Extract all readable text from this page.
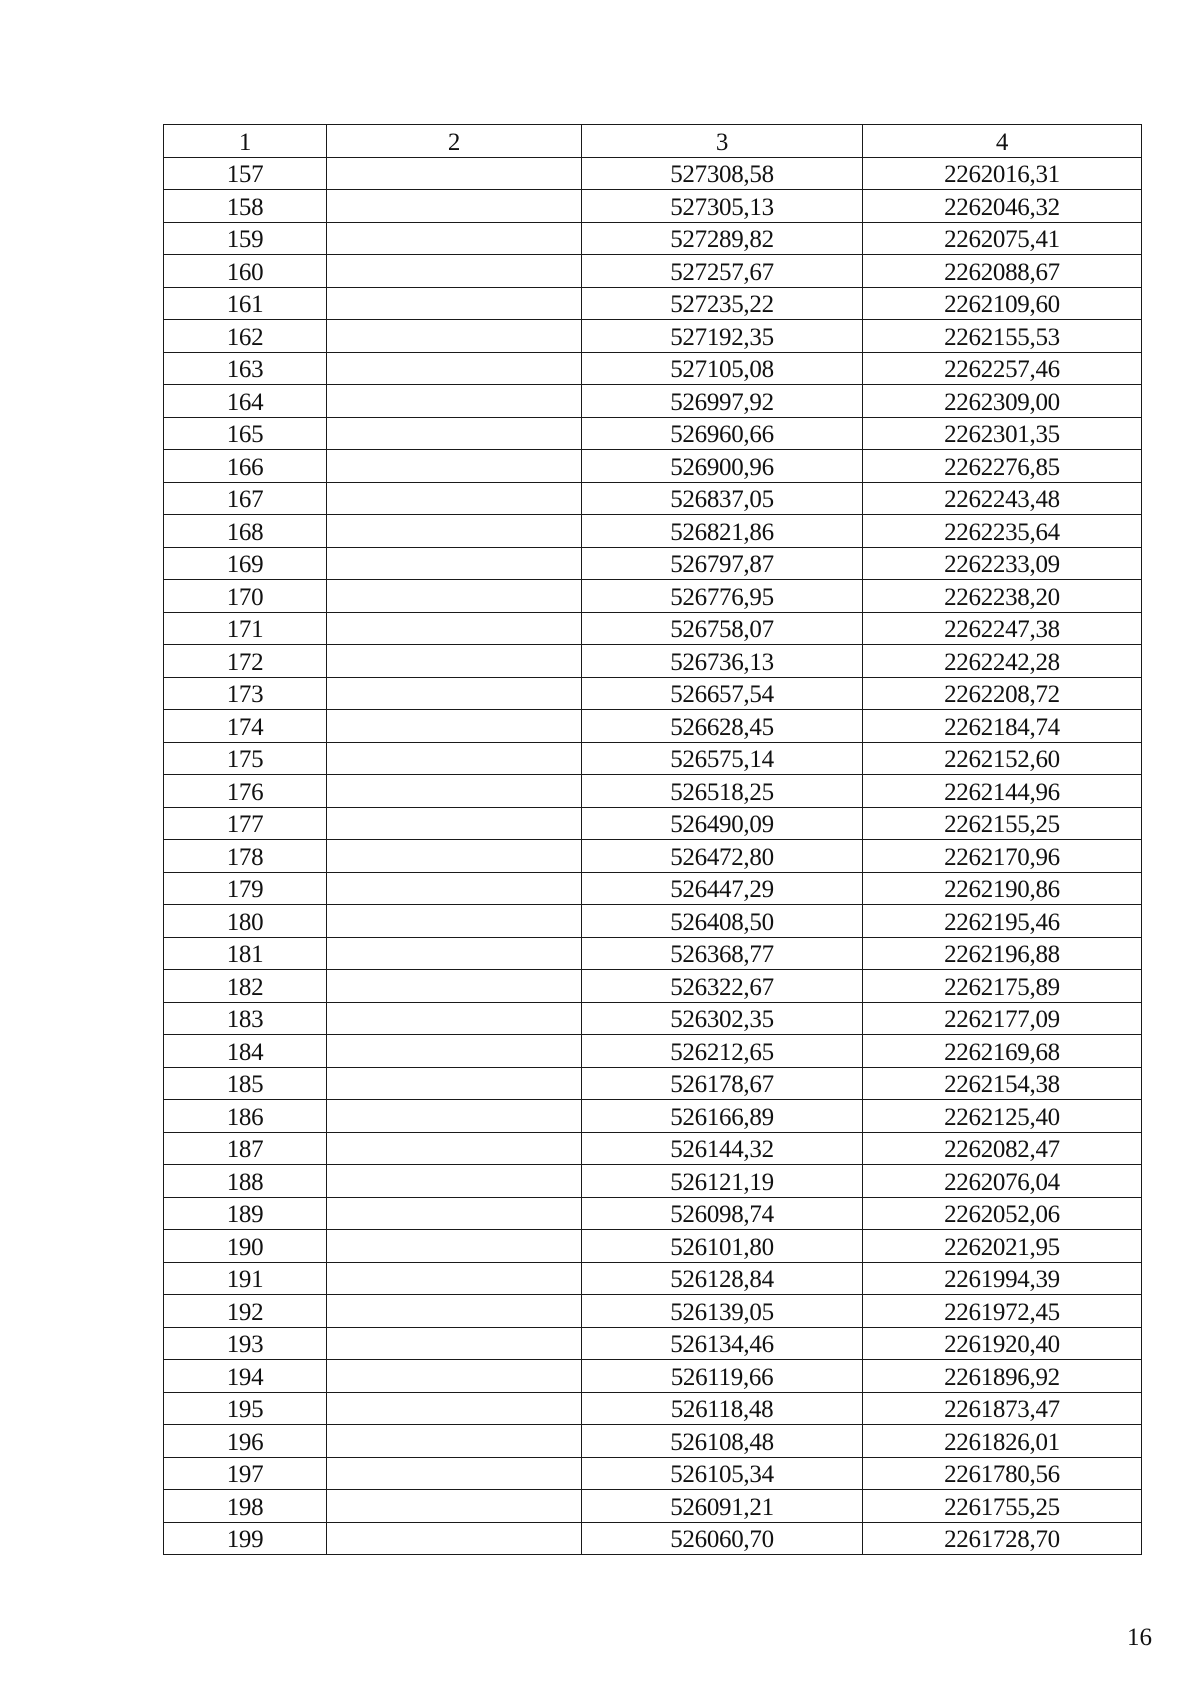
1	2	3	4
157		527308,58	2262016,31
158		527305,13	2262046,32
159		527289,82	2262075,41
160		527257,67	2262088,67
161		527235,22	2262109,60
162		527192,35	2262155,53
163		527105,08	2262257,46
164		526997,92	2262309,00
165		526960,66	2262301,35
166		526900,96	2262276,85
167		526837,05	2262243,48
168		526821,86	2262235,64
169		526797,87	2262233,09
170		526776,95	2262238,20
171		526758,07	2262247,38
172		526736,13	2262242,28
173		526657,54	2262208,72
174		526628,45	2262184,74
175		526575,14	2262152,60
176		526518,25	2262144,96
177		526490,09	2262155,25
178		526472,80	2262170,96
179		526447,29	2262190,86
180		526408,50	2262195,46
181		526368,77	2262196,88
182		526322,67	2262175,89
183		526302,35	2262177,09
184		526212,65	2262169,68
185		526178,67	2262154,38
186		526166,89	2262125,40
187		526144,32	2262082,47
188		526121,19	2262076,04
189		526098,74	2262052,06
190		526101,80	2262021,95
191		526128,84	2261994,39
192		526139,05	2261972,45
193		526134,46	2261920,40
194		526119,66	2261896,92
195		526118,48	2261873,47
196		526108,48	2261826,01
197		526105,34	2261780,56
198		526091,21	2261755,25
199		526060,70	2261728,70
16
